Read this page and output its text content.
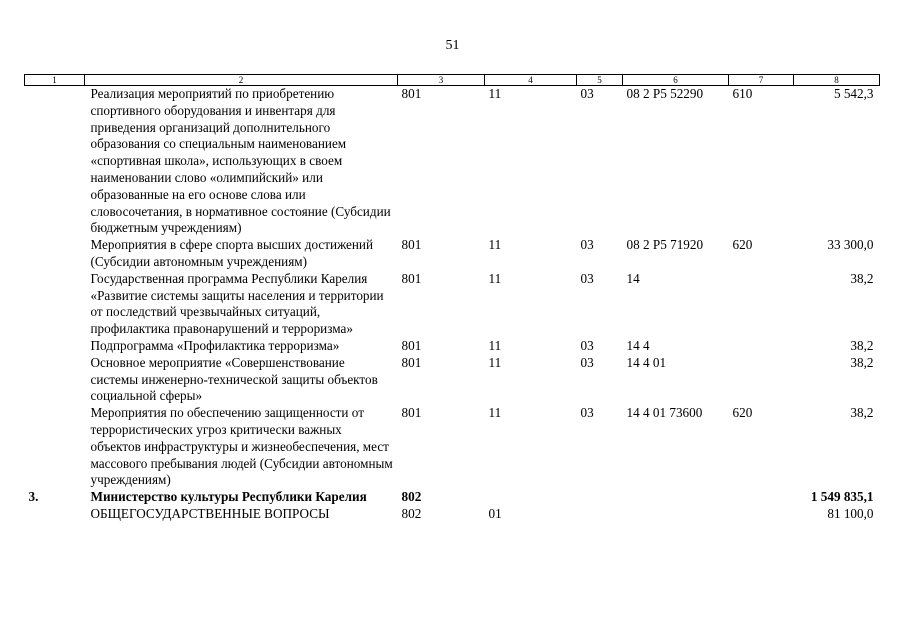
51
1	2	3	4	5	6	7	8
	Реализация мероприятий по приобретению спортивного оборудования и инвентаря для приведения организаций дополнительного образования со специальным наименованием «спортивная школа», использующих в своем наименовании слово «олимпийский» или образованные на его основе слова или словосочетания, в нормативное состояние (Субсидии бюджетным учреждениям)	801	11	03	08 2 P5 52290	610	5 542,3
	Мероприятия в сфере спорта высших достижений (Субсидии автономным учреждениям)	801	11	03	08 2 P5 71920	620	33 300,0
	Государственная программа Республики Карелия «Развитие системы защиты населения и территории от последствий чрезвычайных ситуаций, профилактика правонарушений и терроризма»	801	11	03	14		38,2
	Подпрограмма «Профилактика терроризма»	801	11	03	14 4		38,2
	Основное мероприятие «Совершенствование системы инженерно-технической защиты объектов социальной сферы»	801	11	03	14 4 01		38,2
	Мероприятия по обеспечению защищенности от террористических угроз критически важных объектов инфраструктуры и жизнеобеспечения, мест массового пребывания людей (Субсидии автономным учреждениям)	801	11	03	14 4 01 73600	620	38,2
3.	Министерство культуры Республики Карелия	802					1 549 835,1
	ОБЩЕГОСУДАРСТВЕННЫЕ ВОПРОСЫ	802	01				81 100,0
